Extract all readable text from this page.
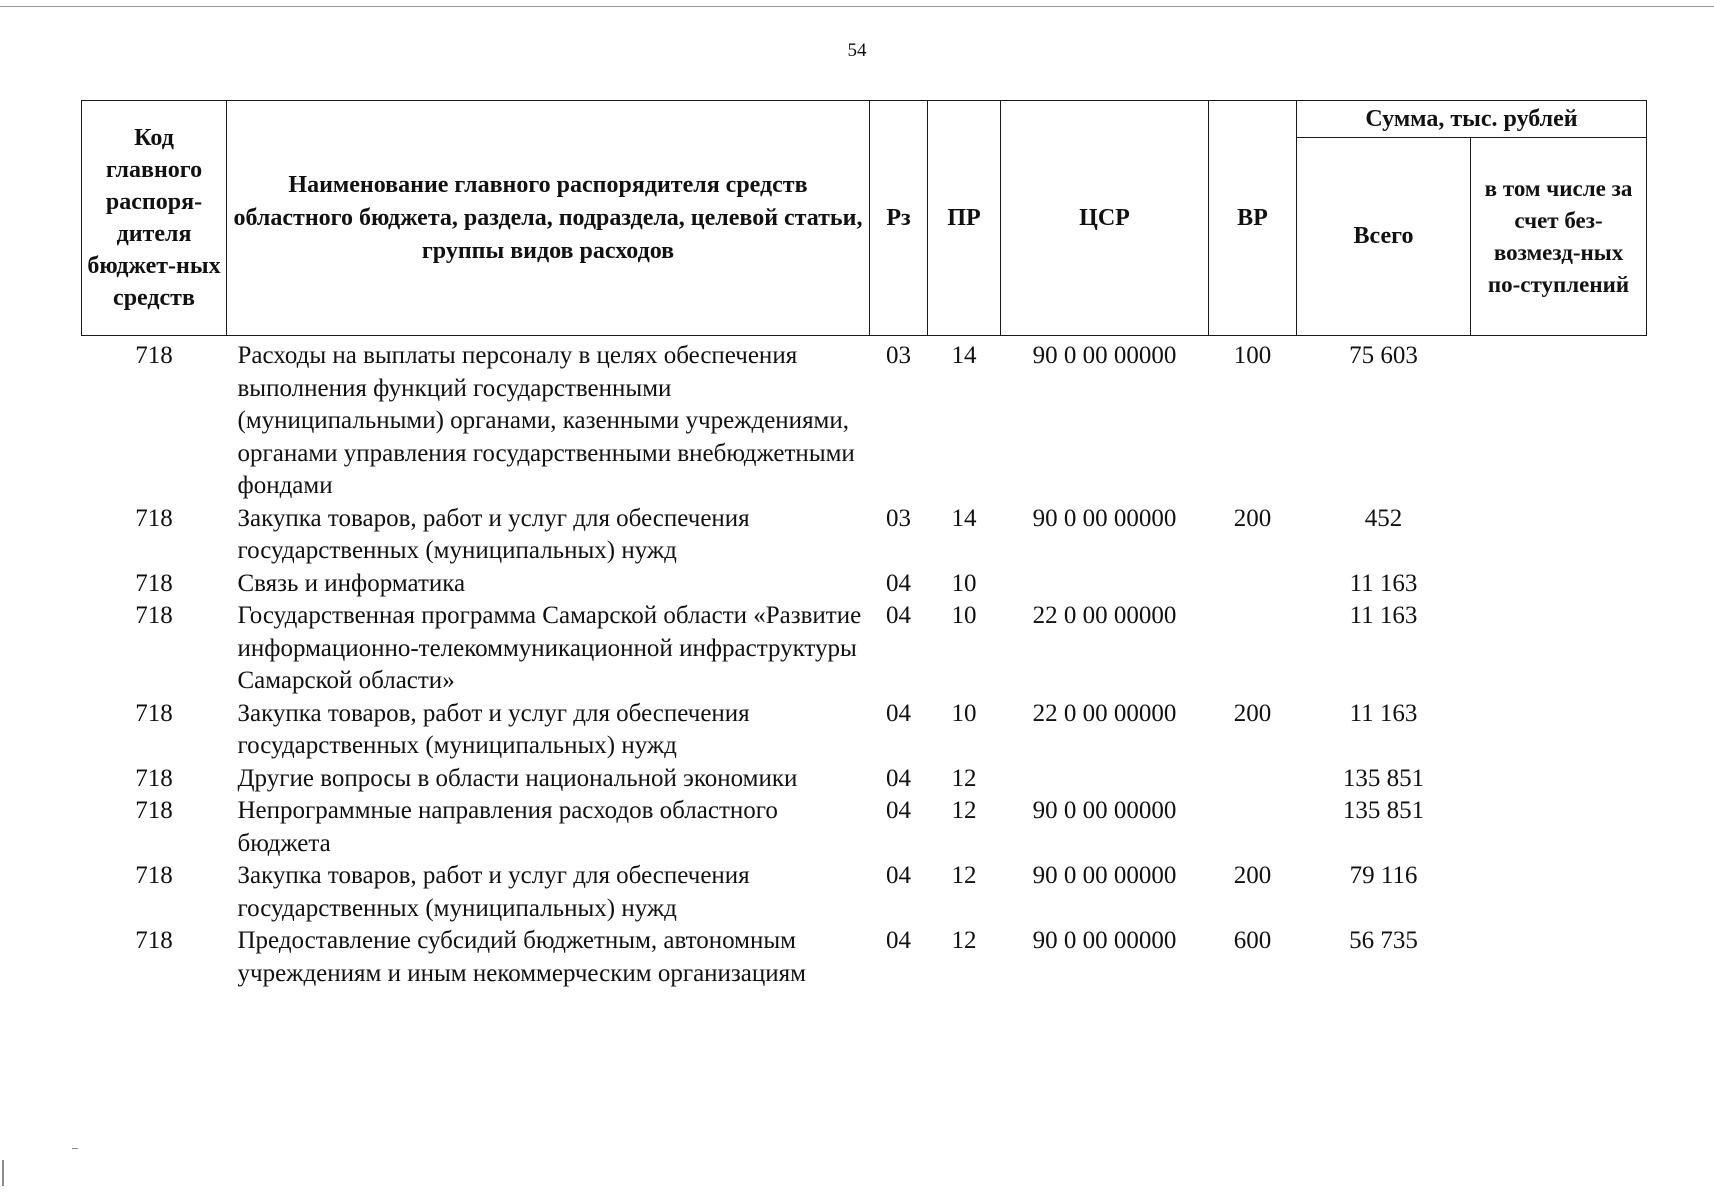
54
Код главного распоря-дителя бюджет-ных средств	Наименование главного распорядителя средств областного бюджета, раздела, подраздела, целевой статьи, группы видов расходов	Рз	ПР	ЦСР	ВР	Сумма, тыс. рублей	
						Всего	в том числе за счет без-возмезд-ных по-ступлений
718	Расходы на выплаты персоналу в целях обеспечения выполнения функций государственными (муниципальными) органами, казенными учреждениями, органами управления государственными внебюджетными фондами	03	14	90 0 00 00000	100	75 603	
718	Закупка товаров, работ и услуг для обеспечения государственных (муниципальных) нужд	03	14	90 0 00 00000	200	452	
718	Связь и информатика	04	10			11 163	
718	Государственная программа Самарской области «Развитие информационно-телекоммуникационной инфраструктуры Самарской области»	04	10	22 0 00 00000		11 163	
718	Закупка товаров, работ и услуг для обеспечения государственных (муниципальных) нужд	04	10	22 0 00 00000	200	11 163	
718	Другие вопросы в области национальной экономики	04	12			135 851	
718	Непрограммные направления расходов областного бюджета	04	12	90 0 00 00000		135 851	
718	Закупка товаров, работ и услуг для обеспечения государственных (муниципальных) нужд	04	12	90 0 00 00000	200	79 116	
718	Предоставление субсидий бюджетным, автономным учреждениям и иным некоммерческим организациям	04	12	90 0 00 00000	600	56 735	
